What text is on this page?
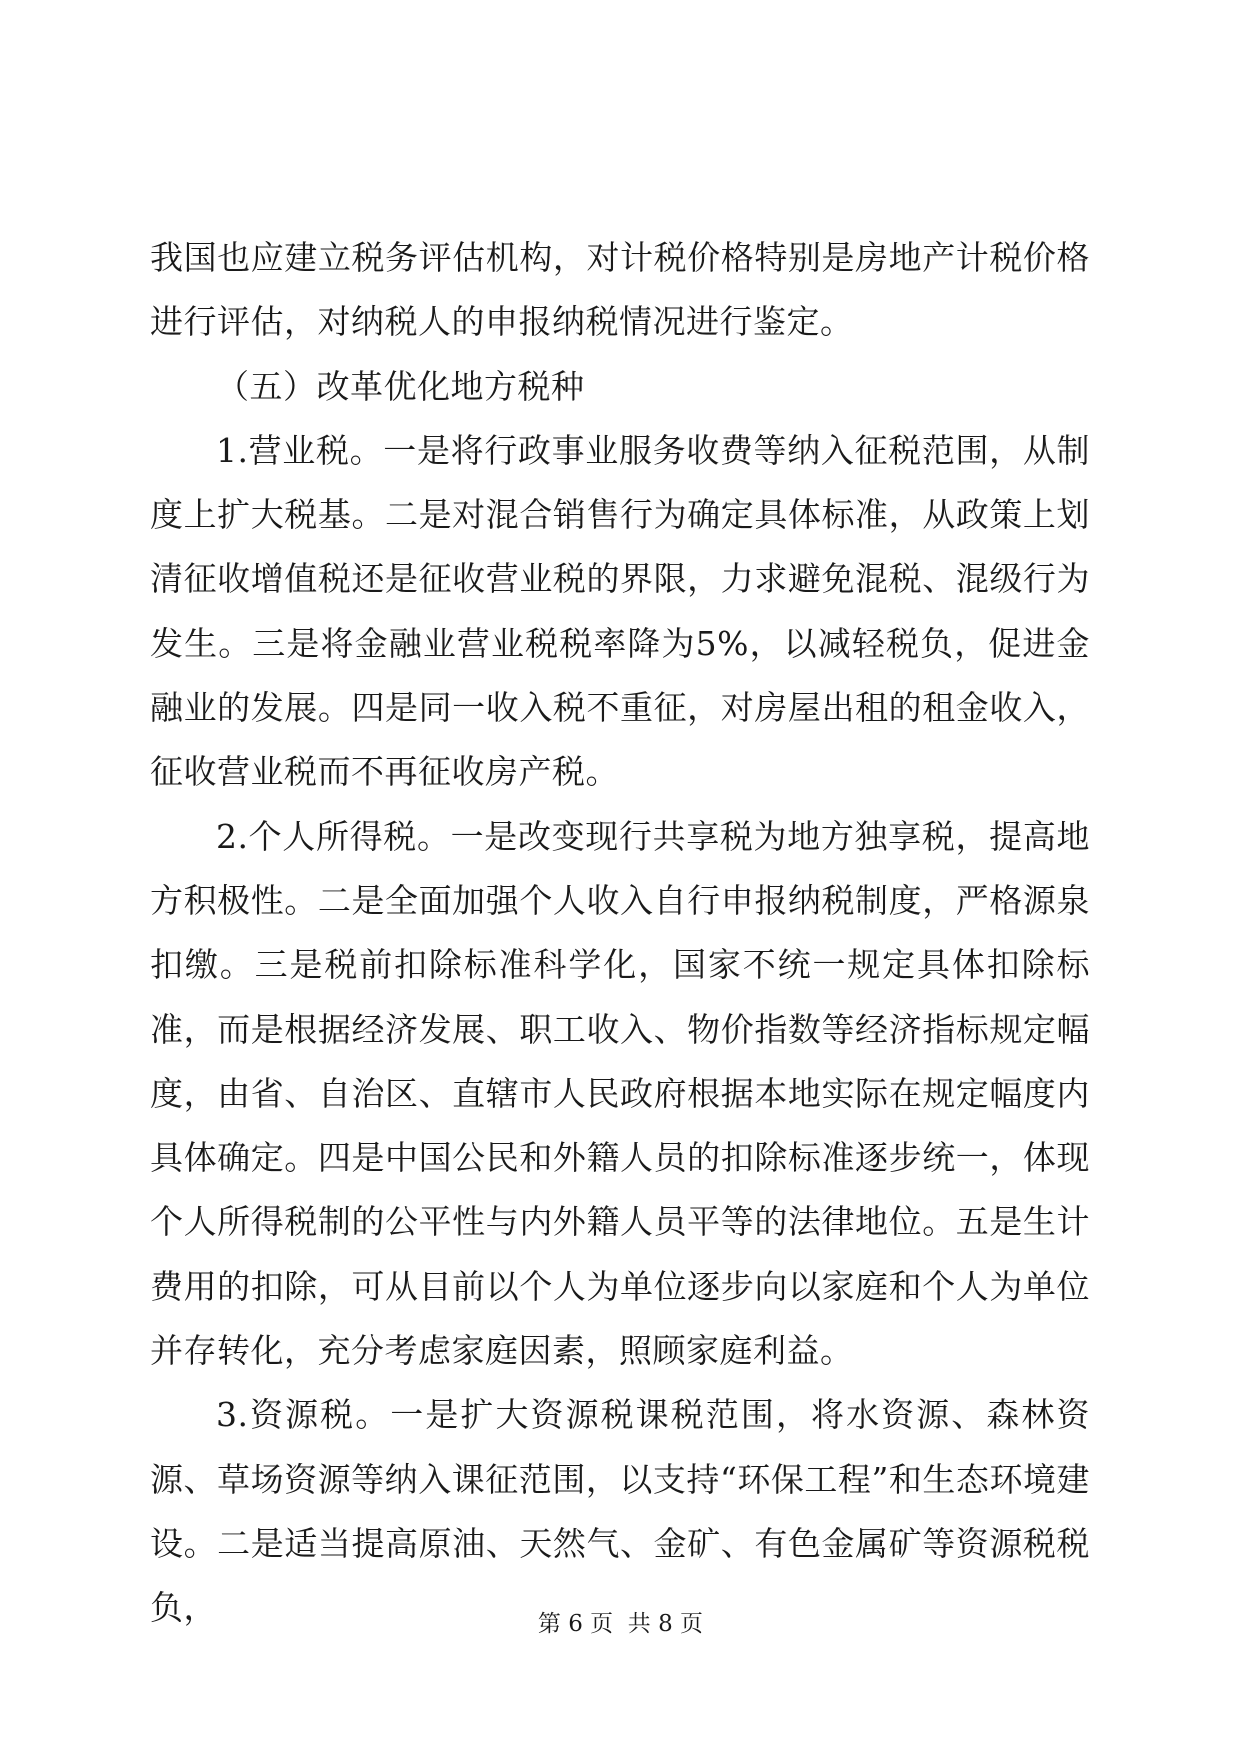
我国也应建立税务评估机构，对计税价格特别是房地产计税价格进行评估，对纳税人的申报纳税情况进行鉴定。

（五）改革优化地方税种

1.营业税。一是将行政事业服务收费等纳入征税范围，从制度上扩大税基。二是对混合销售行为确定具体标准，从政策上划清征收增值税还是征收营业税的界限，力求避免混税、混级行为发生。三是将金融业营业税税率降为5%，以减轻税负，促进金融业的发展。四是同一收入税不重征，对房屋出租的租金收入，征收营业税而不再征收房产税。

2.个人所得税。一是改变现行共享税为地方独享税，提高地方积极性。二是全面加强个人收入自行申报纳税制度，严格源泉扣缴。三是税前扣除标准科学化，国家不统一规定具体扣除标准，而是根据经济发展、职工收入、物价指数等经济指标规定幅度，由省、自治区、直辖市人民政府根据本地实际在规定幅度内具体确定。四是中国公民和外籍人员的扣除标准逐步统一，体现个人所得税制的公平性与内外籍人员平等的法律地位。五是生计费用的扣除，可从目前以个人为单位逐步向以家庭和个人为单位并存转化，充分考虑家庭因素，照顾家庭利益。

3.资源税。一是扩大资源税课税范围，将水资源、森林资源、草场资源等纳入课征范围，以支持“环保工程”和生态环境建设。二是适当提高原油、天然气、金矿、有色金属矿等资源税税负，	第 6 页  共 8 页
